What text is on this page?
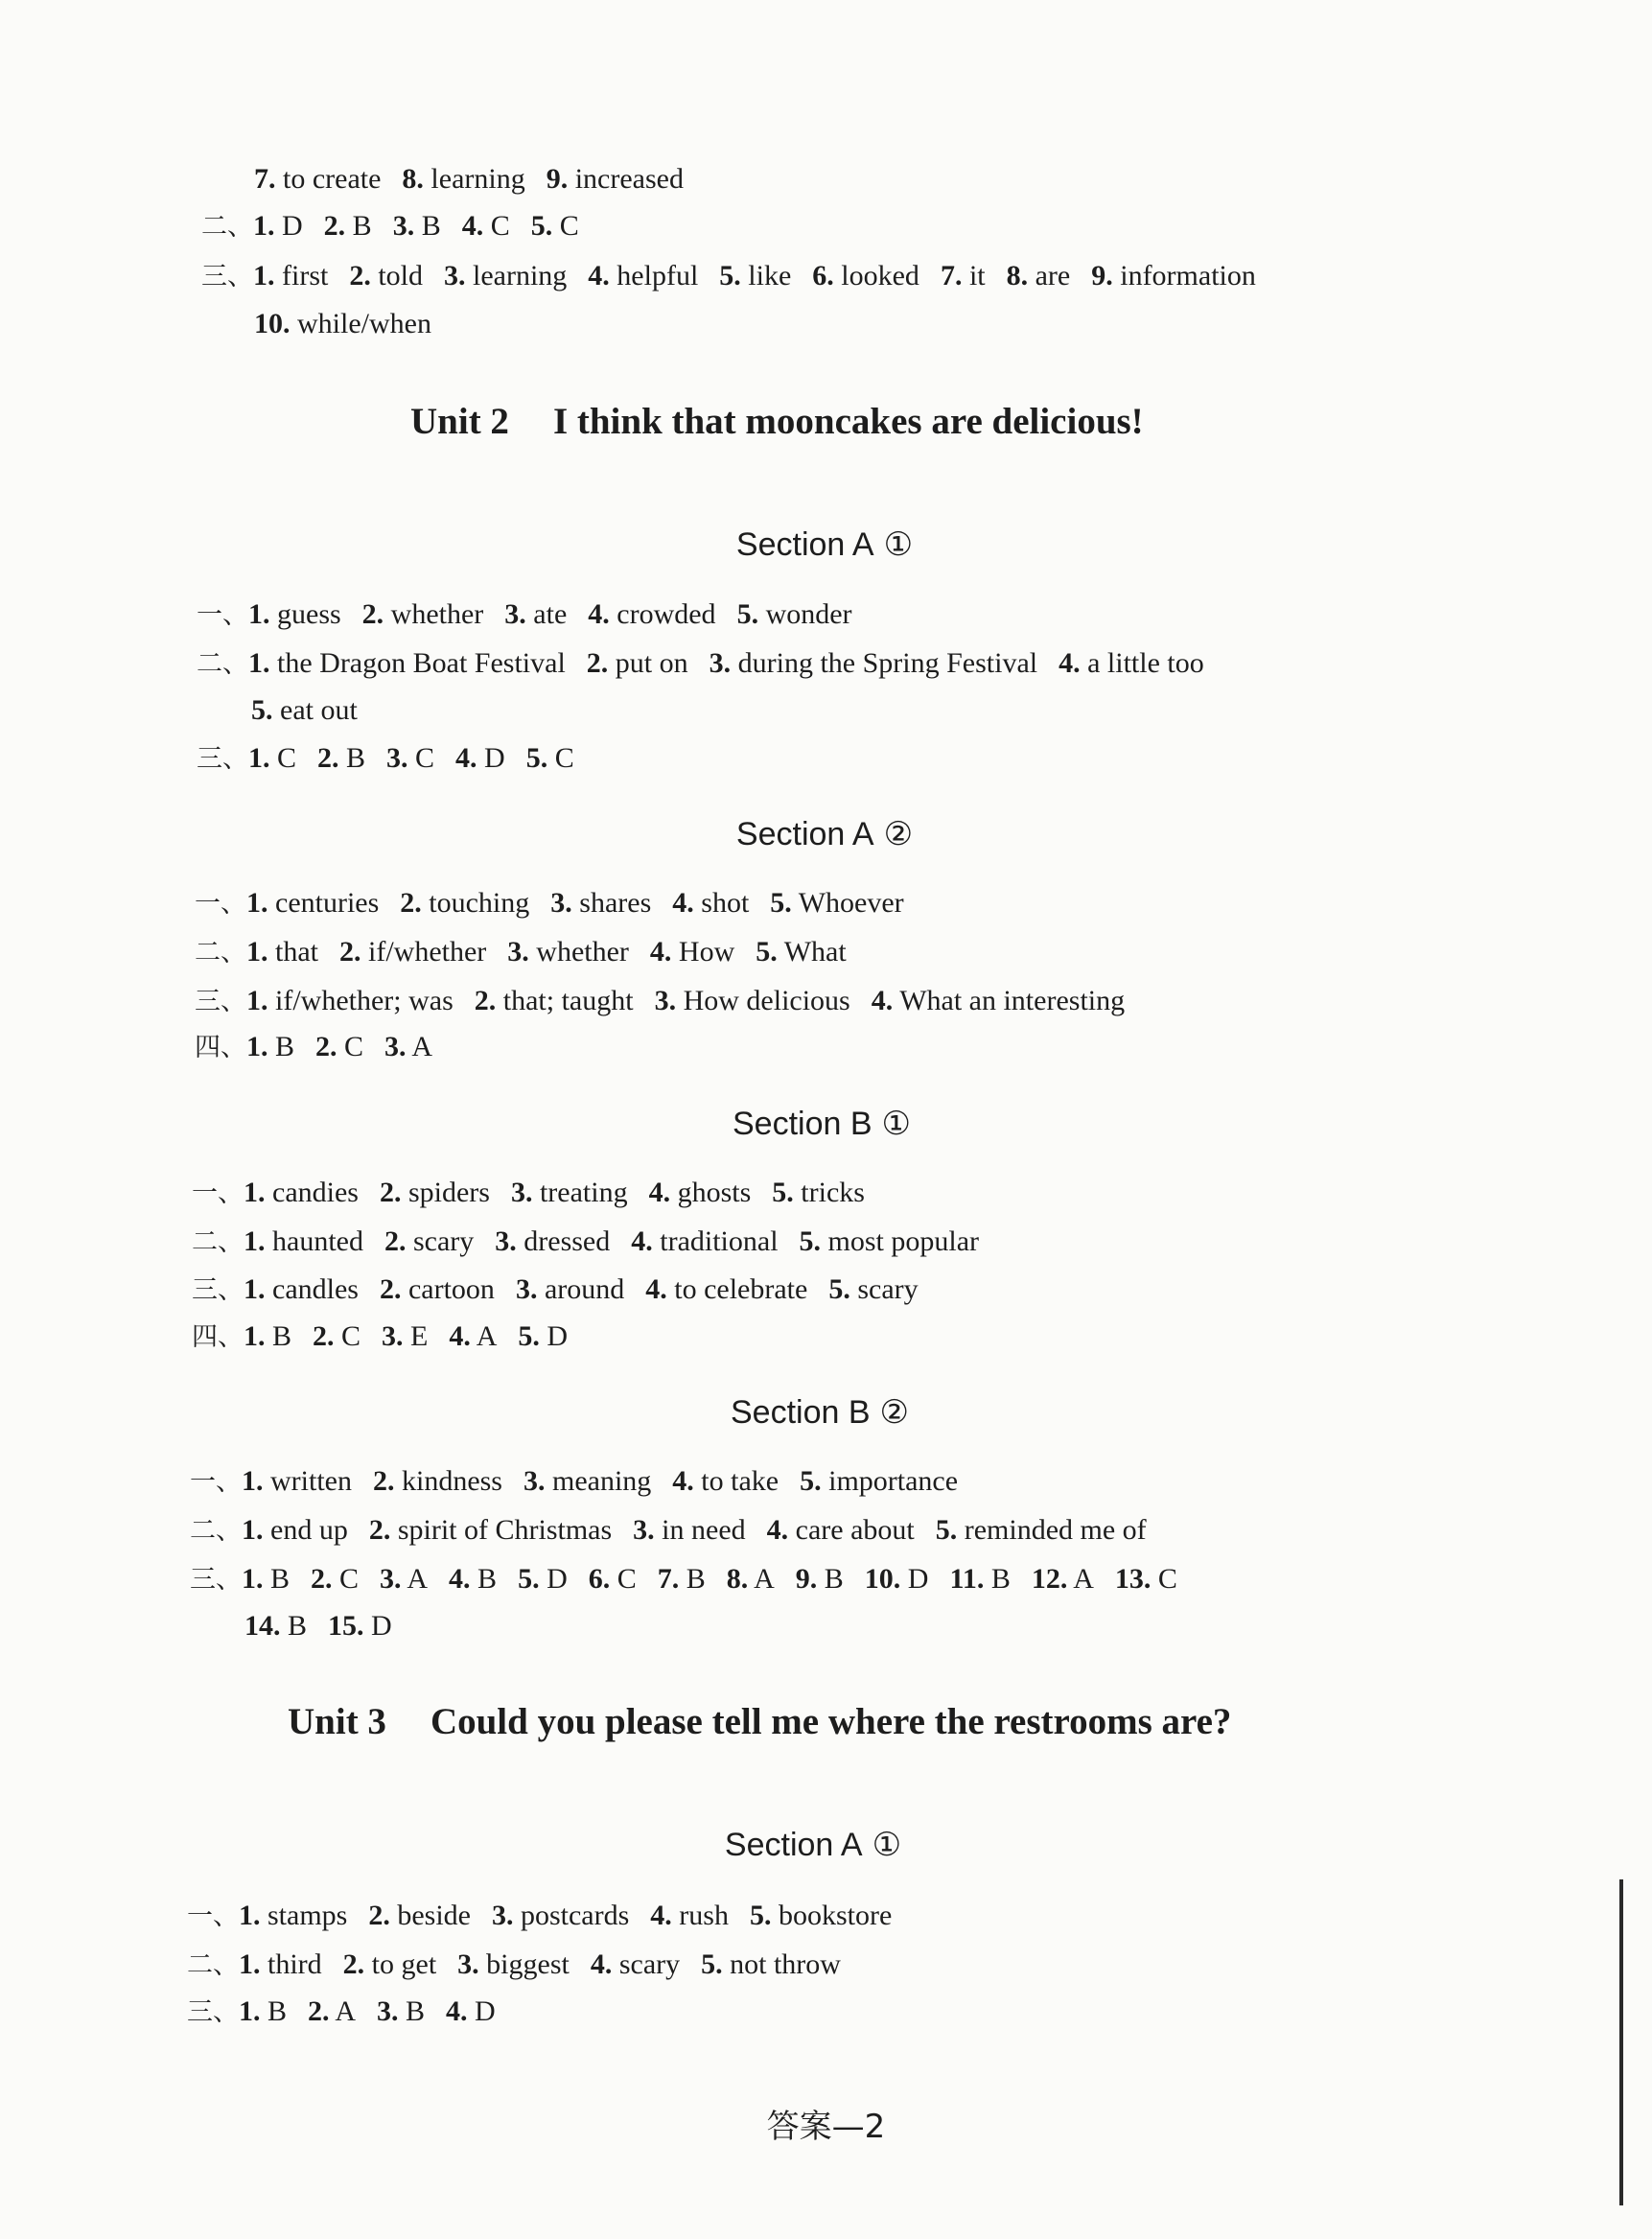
7. to create 8. learning 9. increased
二、1. D 2. B 3. B 4. C 5. C
三、1. first 2. told 3. learning 4. helpful 5. like 6. looked 7. it 8. are 9. information
10. while/when
Unit 2 I think that mooncakes are delicious!
Section A ①
一、1. guess 2. whether 3. ate 4. crowded 5. wonder
二、1. the Dragon Boat Festival 2. put on 3. during the Spring Festival 4. a little too
5. eat out
三、1. C 2. B 3. C 4. D 5. C
Section A ②
一、1. centuries 2. touching 3. shares 4. shot 5. Whoever
二、1. that 2. if/whether 3. whether 4. How 5. What
三、1. if/whether; was 2. that; taught 3. How delicious 4. What an interesting
四、1. B 2. C 3. A
Section B ①
一、1. candies 2. spiders 3. treating 4. ghosts 5. tricks
二、1. haunted 2. scary 3. dressed 4. traditional 5. most popular
三、1. candles 2. cartoon 3. around 4. to celebrate 5. scary
四、1. B 2. C 3. E 4. A 5. D
Section B ②
一、1. written 2. kindness 3. meaning 4. to take 5. importance
二、1. end up 2. spirit of Christmas 3. in need 4. care about 5. reminded me of
三、1. B 2. C 3. A 4. B 5. D 6. C 7. B 8. A 9. B 10. D 11. B 12. A 13. C
14. B 15. D
Unit 3 Could you please tell me where the restrooms are?
Section A ①
一、1. stamps 2. beside 3. postcards 4. rush 5. bookstore
二、1. third 2. to get 3. biggest 4. scary 5. not throw
三、1. B 2. A 3. B 4. D
答案—2
